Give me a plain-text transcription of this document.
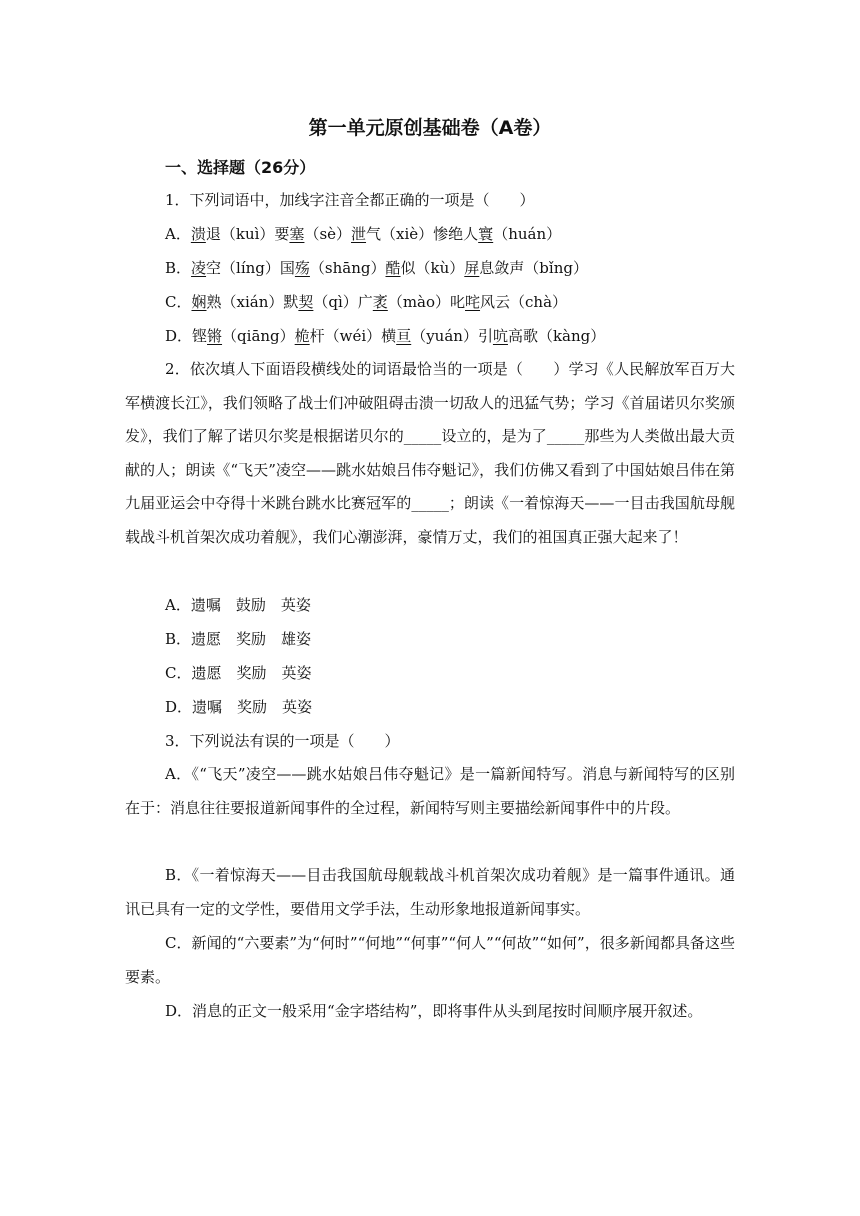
第一单元原创基础卷（A卷）
一、选择题（26分）
1．下列词语中，加线字注音全都正确的一项是（　　）
A．溃退（kuì）要塞（sè）泄气（xiè）惨绝人寰（huán）
B．凌空（líng）国殇（shāng）酷似（kù）屏息敛声（bǐng）
C．娴熟（xián）默契（qì）广袤（mào）叱咤风云（chà）
D．铿锵（qiāng）桅杆（wéi）横亘（yuán）引吭高歌（kàng）

2．依次填人下面语段横线处的词语最恰当的一项是（　　）学习《人民解放军百万大军横渡长江》，我们领略了战士们冲破阻碍击溃一切敌人的迅猛气势；学习《首届诺贝尔奖颁发》，我们了解了诺贝尔奖是根据诺贝尔的_____设立的，是为了_____那些为人类做出最大贡献的人；朗读《“飞天”凌空——跳水姑娘吕伟夺魁记》，我们仿佛又看到了中国姑娘吕伟在第九届亚运会中夺得十米跳台跳水比赛冠军的_____；朗读《一着惊海天——一目击我国航母舰载战斗机首架次成功着舰》，我们心潮澎湃，豪情万丈，我们的祖国真正强大起来了！

A．遗嘱　鼓励　英姿
B．遗愿　奖励　雄姿
C．遗愿　奖励　英姿
D．遗嘱　奖励　英姿
3．下列说法有误的一项是（　　）

A．《“飞天”凌空——跳水姑娘吕伟夺魁记》是一篇新闻特写。消息与新闻特写的区别在于：消息往往要报道新闻事件的全过程，新闻特写则主要描绘新闻事件中的片段。

B．《一着惊海天——目击我国航母舰载战斗机首架次成功着舰》是一篇事件通讯。通讯已具有一定的文学性，要借用文学手法，生动形象地报道新闻事实。

C．新闻的“六要素”为“何时”“何地”“何事”“何人”“何故”“如何”，很多新闻都具备这些要素。

D．消息的正文一般采用“金字塔结构”，即将事件从头到尾按时间顺序展开叙述。
